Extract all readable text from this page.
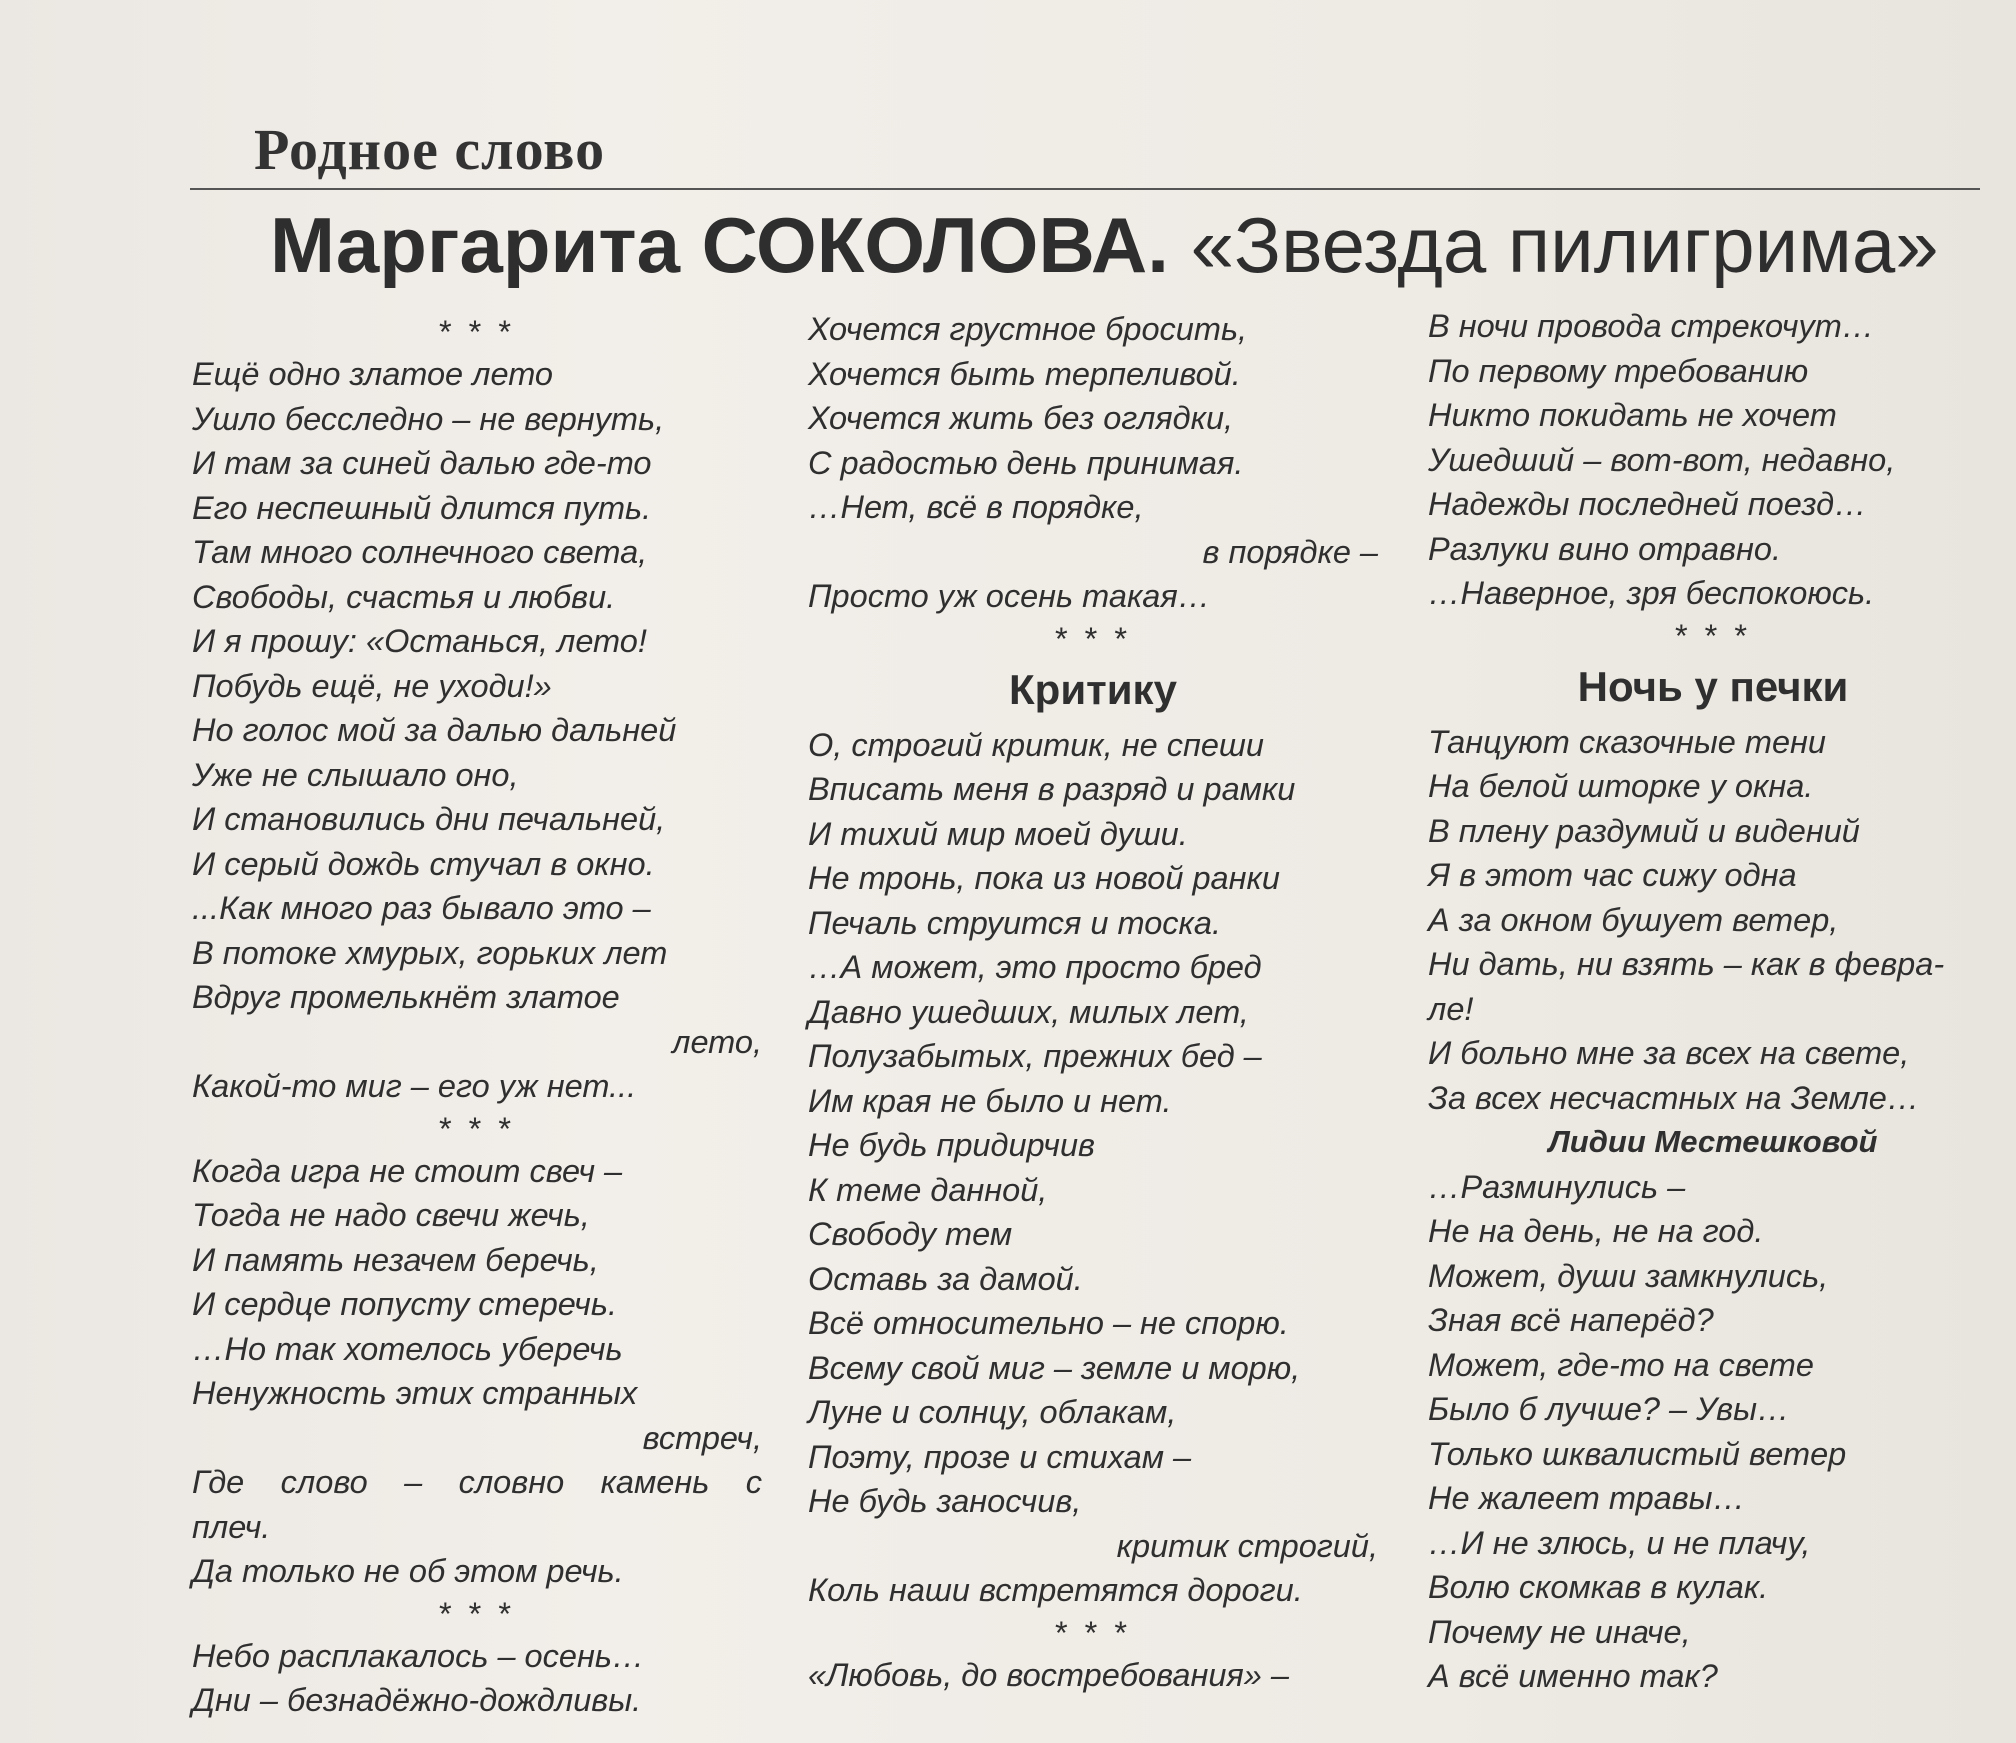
Родное слово
Маргарита СОКОЛОВА. «Звезда пилигрима»
* * *
Ещё одно златое лето
Ушло бесследно – не вернуть,
И там за синей далью где-то
Его неспешный длится путь.
Там много солнечного света,
Свободы, счастья и любви.
И я прошу: «Останься, лето!
Побудь ещё, не уходи!»
Но голос мой за далью дальней
Уже не слышало оно,
И становились дни печальней,
И серый дождь стучал в окно.
...Как много раз бывало это –
В потоке хмурых, горьких лет
Вдруг промелькнёт златое
лето,
Какой-то миг – его уж нет...
* * *
Когда игра не стоит свеч –
Тогда не надо свечи жечь,
И память незачем беречь,
И сердце попусту стеречь.
…Но так хотелось уберечь
Ненужность этих странных
встреч,
Где слово – словно камень с
плеч.
Да только не об этом речь.
* * *
Небо расплакалось – осень…
Дни – безнадёжно-дождливы.
Хочется грустное бросить,
Хочется быть терпеливой.
Хочется жить без оглядки,
С радостью день принимая.
…Нет, всё в порядке,
в порядке –
Просто уж осень такая…
* * *
Критику
О, строгий критик, не спеши
Вписать меня в разряд и рамки
И тихий мир моей души.
Не тронь, пока из новой ранки
Печаль струится и тоска.
…А может, это просто бред
Давно ушедших, милых лет,
Полузабытых, прежних бед –
Им края не было и нет.
Не будь придирчив
К теме данной,
Свободу тем
Оставь за дамой.
Всё относительно – не спорю.
Всему свой миг – земле и морю,
Луне и солнцу, облакам,
Поэту, прозе и стихам –
Не будь заносчив,
критик строгий,
Коль наши встретятся дороги.
* * *
«Любовь, до востребования» –
В ночи провода стрекочут…
По первому требованию
Никто покидать не хочет
Ушедший – вот-вот, недавно,
Надежды последней поезд…
Разлуки вино отравно.
…Наверное, зря беспокоюсь.
* * *
Ночь у печки
Танцуют сказочные тени
На белой шторке у окна.
В плену раздумий и видений
Я в этот час сижу одна
А за окном бушует ветер,
Ни дать, ни взять – как в февра-
ле!
И больно мне за всех на свете,
За всех несчастных на Земле…
Лидии Местешковой
…Разминулись –
Не на день, не на год.
Может, души замкнулись,
Зная всё наперёд?
Может, где-то на свете
Было б лучше? – Увы…
Только шквалистый ветер
Не жалеет травы…
…И не злюсь, и не плачу,
Волю скомкав в кулак.
Почему не иначе,
А всё именно так?
